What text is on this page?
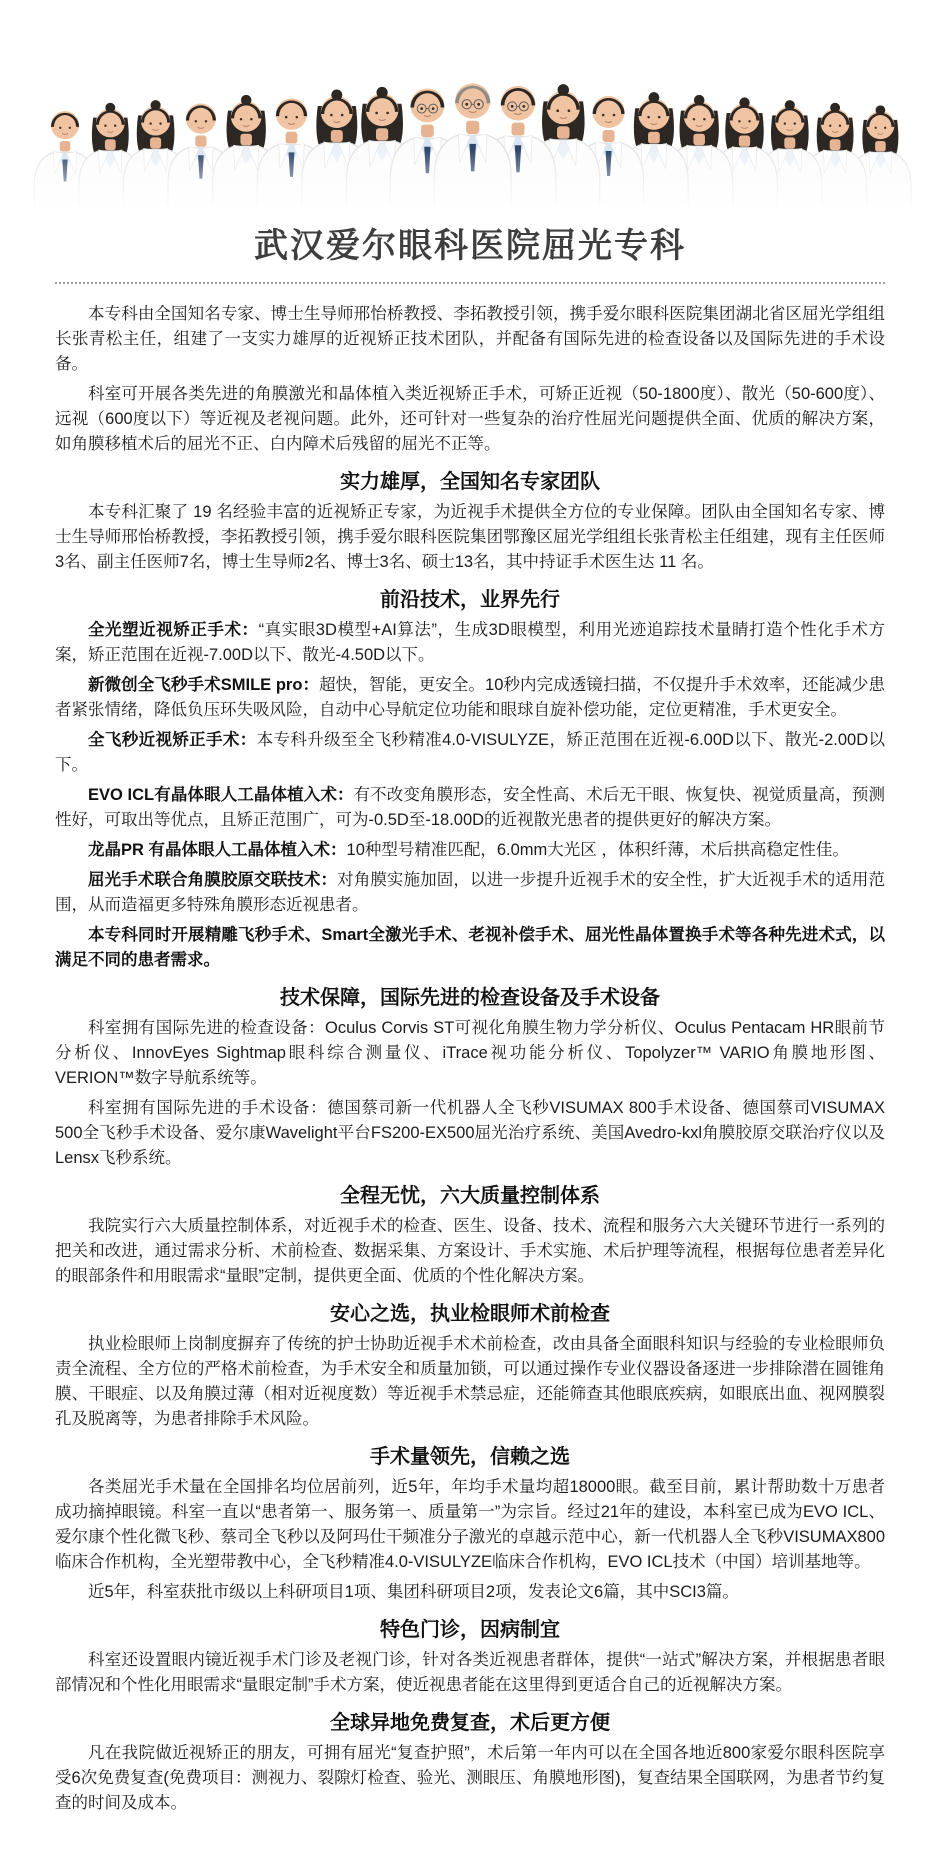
武汉爱尔眼科医院屈光专科

本专科由全国知名专家、博士生导师邢怡桥教授、李拓教授引领，携手爱尔眼科医院集团湖北省区屈光学组组长张青松主任，组建了一支实力雄厚的近视矫正技术团队，并配备有国际先进的检查设备以及国际先进的手术设备。

科室可开展各类先进的角膜激光和晶体植入类近视矫正手术，可矫正近视（50-1800度）、散光（50-600度）、远视（600度以下）等近视及老视问题。此外，还可针对一些复杂的治疗性屈光问题提供全面、优质的解决方案，如角膜移植术后的屈光不正、白内障术后残留的屈光不正等。

实力雄厚，全国知名专家团队

本专科汇聚了 19 名经验丰富的近视矫正专家，为近视手术提供全方位的专业保障。团队由全国知名专家、博士生导师邢怡桥教授，李拓教授引领，携手爱尔眼科医院集团鄂豫区屈光学组组长张青松主任组建，现有主任医师3名、副主任医师7名，博士生导师2名、博士3名、硕士13名，其中持证手术医生达 11 名。

前沿技术，业界先行

全光塑近视矫正手术：“真实眼3D模型+AI算法”，生成3D眼模型，利用光迹追踪技术量睛打造个性化手术方案，矫正范围在近视-7.00D以下、散光-4.50D以下。

新微创全飞秒手术SMILE pro：超快，智能，更安全。10秒内完成透镜扫描，不仅提升手术效率，还能减少患者紧张情绪，降低负压环失吸风险，自动中心导航定位功能和眼球自旋补偿功能，定位更精准，手术更安全。

全飞秒近视矫正手术：本专科升级至全飞秒精准4.0-VISULYZE，矫正范围在近视-6.00D以下、散光-2.00D以下。

EVO ICL有晶体眼人工晶体植入术：有不改变角膜形态，安全性高、术后无干眼、恢复快、视觉质量高，预测性好，可取出等优点，且矫正范围广，可为-0.5D至-18.00D的近视散光患者的提供更好的解决方案。

龙晶PR 有晶体眼人工晶体植入术：10种型号精准匹配，6.0mm大光区 ，体积纤薄，术后拱高稳定性佳。

屈光手术联合角膜胶原交联技术：对角膜实施加固，以进一步提升近视手术的安全性，扩大近视手术的适用范围，从而造福更多特殊角膜形态近视患者。

本专科同时开展精雕飞秒手术、Smart全激光手术、老视补偿手术、屈光性晶体置换手术等各种先进术式，以满足不同的患者需求。

技术保障，国际先进的检查设备及手术设备

科室拥有国际先进的检查设备：Oculus Corvis ST可视化角膜生物力学分析仪、Oculus Pentacam HR眼前节分析仪、InnovEyes Sightmap眼科综合测量仪、iTrace视功能分析仪、Topolyzer™ VARIO角膜地形图、VERION™数字导航系统等。

科室拥有国际先进的手术设备：德国蔡司新一代机器人全飞秒VISUMAX 800手术设备、德国蔡司VISUMAX 500全飞秒手术设备、爱尔康Wavelight平台FS200-EX500屈光治疗系统、美国Avedro-kxl角膜胶原交联治疗仪以及Lensx飞秒系统。

全程无忧，六大质量控制体系

我院实行六大质量控制体系，对近视手术的检查、医生、设备、技术、流程和服务六大关键环节进行一系列的把关和改进，通过需求分析、术前检查、数据采集、方案设计、手术实施、术后护理等流程，根据每位患者差异化的眼部条件和用眼需求“量眼”定制，提供更全面、优质的个性化解决方案。

安心之选，执业检眼师术前检查

执业检眼师上岗制度摒弃了传统的护士协助近视手术术前检查，改由具备全面眼科知识与经验的专业检眼师负责全流程、全方位的严格术前检查，为手术安全和质量加锁，可以通过操作专业仪器设备逐进一步排除潜在圆锥角膜、干眼症、以及角膜过薄（相对近视度数）等近视手术禁忌症，还能筛查其他眼底疾病，如眼底出血、视网膜裂孔及脱离等，为患者排除手术风险。

手术量领先，信赖之选

各类屈光手术量在全国排名均位居前列，近5年，年均手术量均超18000眼。截至目前，累计帮助数十万患者成功摘掉眼镜。科室一直以“患者第一、服务第一、质量第一”为宗旨。经过21年的建设，本科室已成为EVO ICL、爱尔康个性化微飞秒、蔡司全飞秒以及阿玛仕干频准分子激光的卓越示范中心，新一代机器人全飞秒VISUMAX800 临床合作机构，全光塑带教中心，全飞秒精准4.0-VISULYZE临床合作机构，EVO ICL技术（中国）培训基地等。

近5年，科室获批市级以上科研项目1项、集团科研项目2项，发表论文6篇，其中SCI3篇。

特色门诊，因病制宜

科室还设置眼内镜近视手术门诊及老视门诊，针对各类近视患者群体，提供“一站式”解决方案，并根据患者眼部情况和个性化用眼需求“量眼定制”手术方案，使近视患者能在这里得到更适合自己的近视解决方案。

全球异地免费复查，术后更方便

凡在我院做近视矫正的朋友，可拥有屈光“复查护照”，术后第一年内可以在全国各地近800家爱尔眼科医院享受6次免费复查(免费项目：测视力、裂隙灯检查、验光、测眼压、角膜地形图)，复查结果全国联网，为患者节约复查的时间及成本。
